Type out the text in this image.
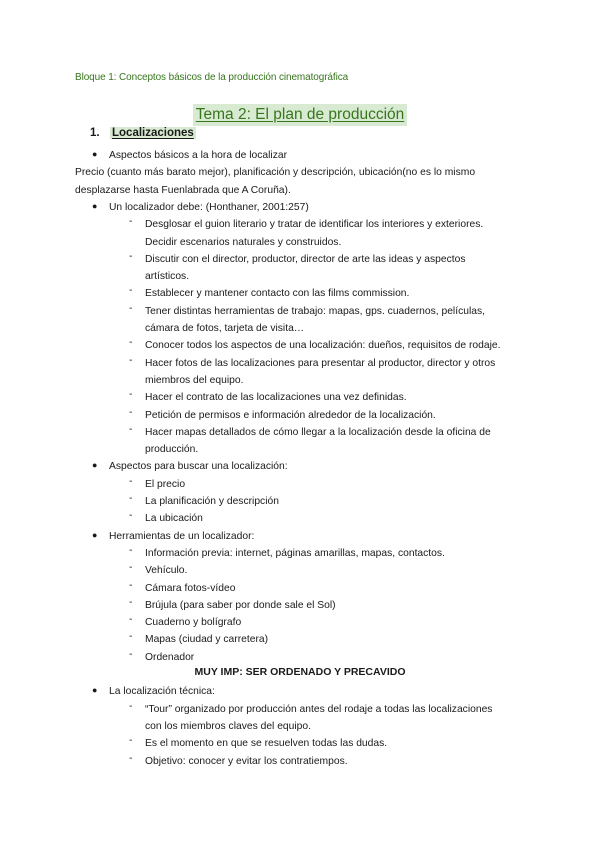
Bloque 1: Conceptos básicos de la producción cinematográfica
Tema 2: El plan de producción
1. Localizaciones
● Aspectos básicos a la hora de localizar
Precio (cuanto más barato mejor), planificación y descripción, ubicación(no es lo mismo
desplazarse hasta Fuenlabrada que A Coruña).
● Un localizador debe: (Honthaner, 2001:257)
- Desglosar el guion literario y tratar de identificar los interiores y exteriores.
Decidir escenarios naturales y construidos.
- Discutir con el director, productor, director de arte las ideas y aspectos
artísticos.
- Establecer y mantener contacto con las films commission.
- Tener distintas herramientas de trabajo: mapas, gps. cuadernos, películas,
cámara de fotos, tarjeta de visita…
- Conocer todos los aspectos de una localización: dueños, requisitos de rodaje.
- Hacer fotos de las localizaciones para presentar al productor, director y otros
miembros del equipo.
- Hacer el contrato de las localizaciones una vez definidas.
- Petición de permisos e información alrededor de la localización.
- Hacer mapas detallados de cómo llegar a la localización desde la oficina de
producción.
● Aspectos para buscar una localización:
- El precio
- La planificación y descripción
- La ubicación
● Herramientas de un localizador:
- Información previa: internet, páginas amarillas, mapas, contactos.
- Vehículo.
- Cámara fotos-vídeo
- Brújula (para saber por donde sale el Sol)
- Cuaderno y bolígrafo
- Mapas (ciudad y carretera)
- Ordenador
MUY IMP: SER ORDENADO Y PRECAVIDO
● La localización técnica:
- “Tour” organizado por producción antes del rodaje a todas las localizaciones
con los miembros claves del equipo.
- Es el momento en que se resuelven todas las dudas.
- Objetivo: conocer y evitar los contratiempos.
